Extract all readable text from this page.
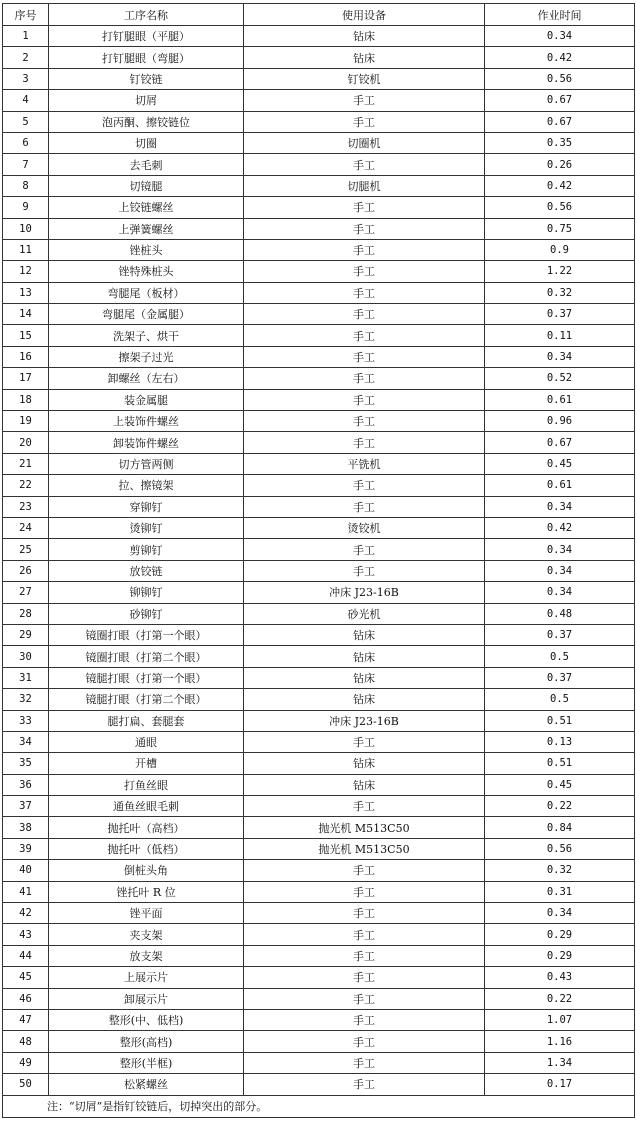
序号	工序名称	使用设备	作业时间
1	打钉腿眼（平腿）	钻床	0.34
2	打钉腿眼（弯腿）	钻床	0.42
3	钉铰链	钉铰机	0.56
4	切屑	手工	0.67
5	泡丙酮、擦铰链位	手工	0.67
6	切圈	切圈机	0.35
7	去毛刺	手工	0.26
8	切镜腿	切腿机	0.42
9	上铰链螺丝	手工	0.56
10	上弹簧螺丝	手工	0.75
11	锉桩头	手工	0.9
12	锉特殊桩头	手工	1.22
13	弯腿尾（板材）	手工	0.32
14	弯腿尾（金属腿）	手工	0.37
15	洗架子、烘干	手工	0.11
16	擦架子过光	手工	0.34
17	卸螺丝（左右）	手工	0.52
18	装金属腿	手工	0.61
19	上装饰件螺丝	手工	0.96
20	卸装饰件螺丝	手工	0.67
21	切方管两侧	平铣机	0.45
22	拉、擦镜架	手工	0.61
23	穿铆钉	手工	0.34
24	烫铆钉	烫铰机	0.42
25	剪铆钉	手工	0.34
26	放铰链	手工	0.34
27	铆铆钉	冲床 J23-16B	0.34
28	砂铆钉	砂光机	0.48
29	镜圈打眼（打第一个眼）	钻床	0.37
30	镜圈打眼（打第二个眼）	钻床	0.5
31	镜腿打眼（打第一个眼）	钻床	0.37
32	镜腿打眼（打第二个眼）	钻床	0.5
33	腿打扁、套腿套	冲床 J23-16B	0.51
34	通眼	手工	0.13
35	开槽	钻床	0.51
36	打鱼丝眼	钻床	0.45
37	通鱼丝眼毛刺	手工	0.22
38	抛托叶（高档）	抛光机 M513C50	0.84
39	抛托叶（低档）	抛光机 M513C50	0.56
40	倒桩头角	手工	0.32
41	锉托叶 R 位	手工	0.31
42	锉平面	手工	0.34
43	夹支架	手工	0.29
44	放支架	手工	0.29
45	上展示片	手工	0.43
46	卸展示片	手工	0.22
47	整形(中、低档)	手工	1.07
48	整形(高档)	手工	1.16
49	整形(半框)	手工	1.34
50	松紧螺丝	手工	0.17
注：“切屑”是指钉铰链后，切掉突出的部分。			
